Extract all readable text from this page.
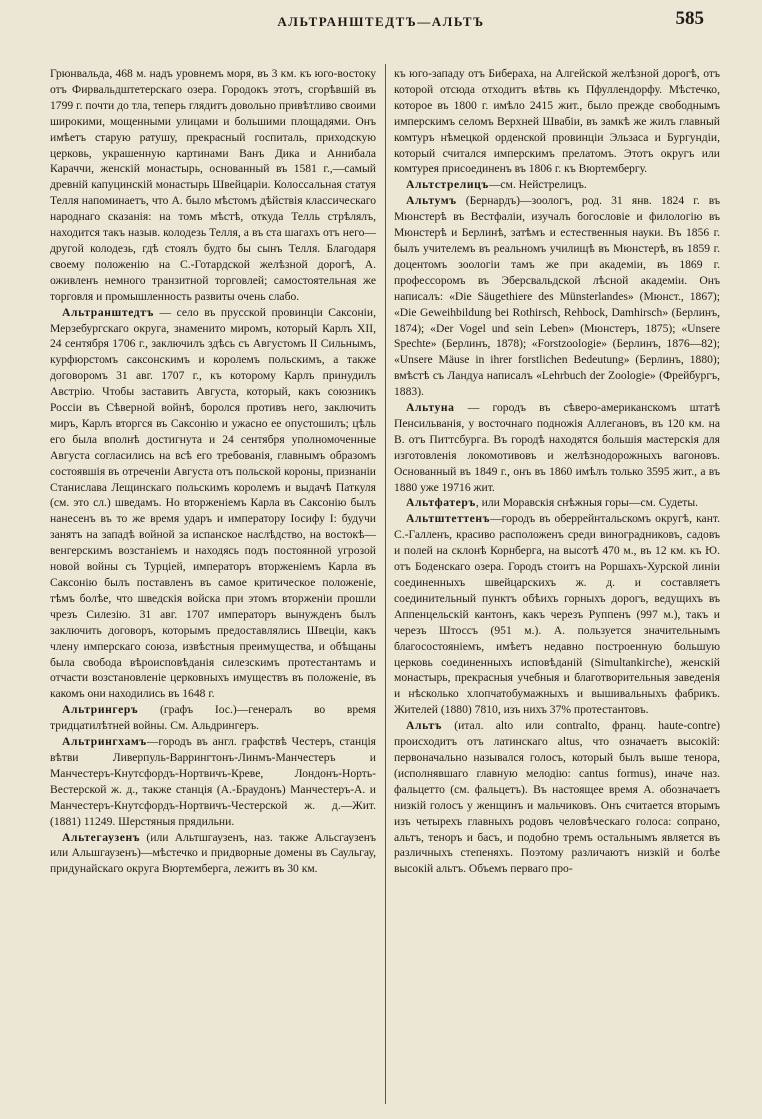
АЛЬТРАНШТЕДТЪ—АЛЬТЪ	585

Грюнвальда, 468 м. надъ уровнемъ моря, въ 3 км. къ юго-востоку отъ Фирвальдштетерскаго озера. Городокъ этотъ, сгорѣвшій въ 1799 г. почти до тла, теперь глядитъ довольно привѣтливо своими широкими, мощенными улицами и большими площадями. Онъ имѣетъ старую ратушу, прекрасный госпиталь, приходскую церковь, украшенную картинами Ванъ Дика и Аннибала Караччи, женскій монастырь, основанный въ 1581 г.,—самый древній капуцинскій монастырь Швейцаріи. Колоссальная статуя Телля напоминаетъ, что А. было мѣстомъ дѣйствія классическаго народнаго сказанія: на томъ мѣстѣ, откуда Телль стрѣлялъ, находится такъ назыв. колодезь Телля, а въ ста шагахъ отъ него—другой колодезь, гдѣ стоялъ будто бы сынъ Телля. Благодаря своему положенію на С.-Готардской желѣзной дорогѣ, А. оживленъ немного транзитной торговлей; самостоятельная же торговля и промышленность развиты очень слабо.

Альтранштедтъ — село въ прусской провинціи Саксоніи, Мерзебургскаго округа, знаменито миромъ, который Карлъ XII, 24 сентября 1706 г., заключилъ здѣсь съ Августомъ II Сильнымъ, курфюрстомъ саксонскимъ и королемъ польскимъ, а также договоромъ 31 авг. 1707 г., къ которому Карлъ принудилъ Австрію. Чтобы заставить Августа, который, какъ союзникъ Россіи въ Сѣверной войнѣ, боролся противъ него, заключить миръ, Карлъ вторгся въ Саксонію и ужасно ее опустошилъ; цѣль его была вполнѣ достигнута и 24 сентября уполномоченные Августа согласились на всѣ его требованія, главнымъ образомъ состоявшія въ отреченіи Августа отъ польской короны, признаніи Станислава Лещинскаго польскимъ королемъ и выдачѣ Паткуля (см. это сл.) шведамъ. Но вторженіемъ Карла въ Саксонію былъ нанесенъ въ то же время ударъ и императору Іосифу I: будучи занятъ на западѣ войной за испанское наслѣдство, на востокѣ—венгерскимъ возстаніемъ и находясь подъ постоянной угрозой новой войны съ Турціей, императоръ вторженіемъ Карла въ Саксонію былъ поставленъ въ самое критическое положеніе, тѣмъ болѣе, что шведскія войска при этомъ вторженіи прошли чрезъ Силезію. 31 авг. 1707 императоръ вынужденъ былъ заключить договоръ, которымъ предоставлялись Швеціи, какъ члену имперскаго союза, извѣстныя преимущества, и обѣщаны была свобода вѣроисповѣданія силезскимъ протестантамъ и отчасти возстановленіе церковныхъ имуществъ въ положеніе, въ какомъ они находились въ 1648 г.

Альтрингеръ (графъ Іос.)—генералъ во время тридцатилѣтней войны. См. Альдрингеръ.

Альтрингхамъ—городъ въ англ. графствѣ Честеръ, станція вѣтви Ливерпуль-Варрингтонъ-Линмъ-Манчестеръ и Манчестеръ-Кнутсфордъ-Нортвичъ-Креве, Лондонъ-Норть-Вестерской ж. д., также станція (А.-Браудонъ) Манчестеръ-А. и Манчестеръ-Кнутсфордъ-Нортвичъ-Честерской ж. д.—Жит. (1881) 11249. Шерстяныя прядильни.

Альтегаузенъ (или Альтшгаузенъ, наз. также Альсгаузенъ или Альшгаузенъ)—мѣстечко и придворные домены въ Саульгау, придунайскаго округа Вюртемберга, лежитъ въ 30 км.

къ юго-западу отъ Бибераха, на Алгейской желѣзной дорогѣ, отъ которой отсюда отходитъ вѣтвь къ Пфуллендорфу. Мѣстечко, которое въ 1800 г. имѣло 2415 жит., было прежде свободнымъ имперскимъ селомъ Верхней Швабіи, въ замкѣ же жилъ главный комтуръ нѣмецкой орденской провинціи Эльзаса и Бургундіи, который считался имперскимъ прелатомъ. Этотъ округъ или комтурея присоединенъ въ 1806 г. къ Вюртембергу.

Альтстрелицъ—см. Нейстрелицъ.

Альтумъ (Бернардъ)—зоологъ, род. 31 янв. 1824 г. въ Мюнстерѣ въ Вестфаліи, изучалъ богословіе и филологію въ Мюнстерѣ и Берлинѣ, затѣмъ и естественныя науки. Въ 1856 г. былъ учителемъ въ реальномъ училищѣ въ Мюнстерѣ, въ 1859 г. доцентомъ зоологіи тамъ же при академіи, въ 1869 г. профессоромъ въ Эберсвальдской лѣсной академіи. Онъ написалъ: «Die Säugethiere des Münsterlandes» (Мюнст., 1867); «Die Geweihbildung bei Rothirsch, Rehbock, Damhirsch» (Берлинъ, 1874); «Der Vogel und sein Leben» (Мюнстеръ, 1875); «Unsere Spechte» (Берлинъ, 1878); «Forstzoologie» (Берлинъ, 1876—82); «Unsere Mäuse in ihrer forstlichen Bedeutung» (Берлинъ, 1880); вмѣстѣ съ Ландуа написалъ «Lehrbuch der Zoologie» (Фрейбургъ, 1883).

Альтуна — городъ въ сѣверо-американскомъ штатѣ Пенсильванія, у восточнаго подножія Аллегановъ, въ 120 км. на В. отъ Питтсбурга. Въ городѣ находятся большія мастерскія для изготовленія локомотивовъ и желѣзнодорожныхъ вагоновъ. Основанный въ 1849 г., онъ въ 1860 имѣлъ только 3595 жит., а въ 1880 уже 19716 жит.

Альтфатеръ, или Моравскія снѣжныя горы—см. Судеты.

Альтштеттенъ—городъ въ оберрейнтальскомъ округѣ, кант. С.-Галленъ, красиво расположенъ среди виноградниковъ, садовъ и полей на склонѣ Корнберга, на высотѣ 470 м., въ 12 км. къ Ю. отъ Боденскаго озера. Городъ стоитъ на Роршахъ-Хурской линіи соединенныхъ швейцарскихъ ж. д. и составляетъ соединительный пунктъ обѣихъ горныхъ дорогъ, ведущихъ въ Аппенцельскій кантонъ, какъ черезъ Руппенъ (997 м.), такъ и черезъ Штоссъ (951 м.). А. пользуется значительнымъ благосостояніемъ, имѣетъ недавно построенную большую церковь соединенныхъ исповѣданій (Simultankirche), женскій монастырь, прекрасныя учебныя и благотворительныя заведенія и нѣсколько хлопчатобумажныхъ и вышивальныхъ фабрикъ. Жителей (1880) 7810, изъ нихъ 37% протестантовъ.

Альтъ (итал. alto или contralto, франц. haute-contre) происходитъ отъ латинскаго altus, что означаетъ высокій: первоначально назывался голосъ, который былъ выше тенора, (исполнявшаго главную мелодію: cantus formus), иначе наз. фальцетто (см. фальцетъ). Въ настоящее время А. обозначаетъ низкій голосъ у женщинъ и мальчиковъ. Онъ считается вторымъ изъ четырехъ главныхъ родовъ человѣческаго голоса: сопрано, альтъ, теноръ и басъ, и подобно тремъ остальнымъ является въ различныхъ степеняхъ. Поэтому различаютъ низкій и болѣе высокій альтъ. Объемъ перваго про-
